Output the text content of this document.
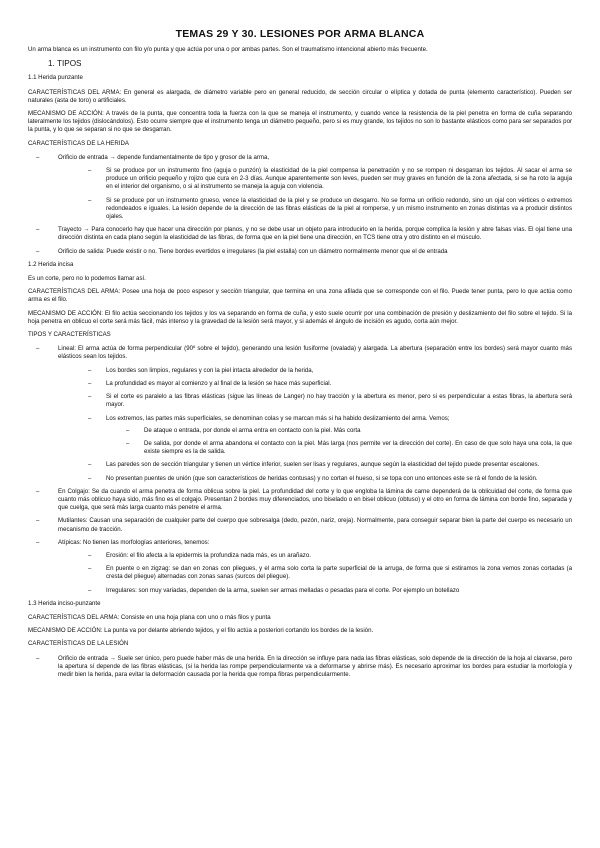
TEMAS 29 Y 30. LESIONES POR ARMA BLANCA

Un arma blanca es un instrumento con filo y/o punta y que actúa por una o por ambas partes. Son el traumatismo intencional abierto más frecuente.

1. TIPOS
1.1 Herida punzante

CARACTERÍSTICAS DEL ARMA: En general es alargada, de diámetro variable pero en general reducido, de sección circular o elíptica y dotada de punta (elemento característico). Pueden ser naturales (asta de toro) o artificiales.

MECANISMO DE ACCIÓN: A través de la punta, que concentra toda la fuerza con la que se maneja el instrumento, y cuando vence la resistencia de la piel penetra en forma de cuña separando lateralmente los tejidos (dislocándolos). Esto ocurre siempre que el instrumento tenga un diámetro pequeño, pero si es muy grande, los tejidos no son lo bastante elásticos como para ser separados por la punta, y lo que se separan si no que se desgarran.

CARACTERÍSTICAS DE LA HERIDA
– Orificio de entrada → depende fundamentalmente de tipo y grosor de la arma,
– Si se produce por un instrumento fino (aguja o punzón) la elasticidad de la piel compensa la penetración y no se rompen ni desgarran los tejidos. Al sacar el arma se produce un orificio pequeño y rojizo que cura en 2-3 días. Aunque aparentemente son leves, pueden ser muy graves en función de la zona afectada, si se ha roto la aguja en el interior del organismo, o si al instrumento se maneja la aguja con violencia.
– Si se produce por un instrumento grueso, vence la elasticidad de la piel y se produce un desgarro. No se forma un orificio redondo, sino un ojal con vértices o extremos redondeados e iguales. La lesión depende de la dirección de las fibras elásticas de la piel al romperse, y un mismo instrumento en zonas distintas va a producir distintos ojales.
– Trayecto → Para conocerlo hay que hacer una dirección por planos, y no se debe usar un objeto para introducirlo en la herida, porque complica la lesión y abre falsas vías. El ojal tiene una dirección distinta en cada plano según la elasticidad de las fibras, de forma que en la piel tiene una dirección, en TCS tiene otra y otro distinto en el músculo.
– Orificio de salida: Puede existir o no. Tiene bordes evertidos e irregulares (la piel estalla) con un diámetro normalmente menor que el de entrada
1.2 Herida incisa

Es un corte, pero no lo podemos llamar así.

CARACTERÍSTICAS DEL ARMA: Posee una hoja de poco espesor y sección triangular, que termina en una zona afilada que se corresponde con el filo. Puede tener punta, pero lo que actúa como arma es el filo.

MECANISMO DE ACCIÓN: El filo actúa seccionando los tejidos y los va separando en forma de cuña, y esto suele ocurrir por una combinación de presión y deslizamiento del filo sobre el tejido. Si la hoja penetra en oblicuo el corte será más fácil, más intenso y la gravedad de la lesión será mayor, y si además el ángulo de incisión es agudo, corta aún mejor.

TIPOS Y CARACTERÍSTICAS
– Lineal: El arma actúa de forma perpendicular (90º sobre el tejido), generando una lesión fusiforme (ovalada) y alargada. La abertura (separación entre los bordes) será mayor cuanto más elásticos sean los tejidos.
– Los bordes son limpios, regulares y con la piel intacta alrededor de la herida,
– La profundidad es mayor al comienzo y al final de la lesión se hace más superficial.
– Si el corte es paralelo a las fibras elásticas (sigue las líneas de Langer) no hay tracción y la abertura es menor, pero si es perpendicular a estas fibras, la abertura será mayor.
– Los extremos, las partes más superficiales, se denominan colas y se marcan más si ha habido deslizamiento del arma. Vemos;
– De ataque o entrada, por donde el arma entra en contacto con la piel. Más corta
– De salida, por donde el arma abandona el contacto con la piel. Más larga (nos permite ver la dirección del corte). En caso de que solo haya una cola, la que existe siempre es la de salida.
– Las paredes son de sección triangular y tienen un vértice inferior, suelen ser lisas y regulares, aunque según la elasticidad del tejido puede presentar escalones.
– No presentan puentes de unión (que son característicos de heridas contusas) y no cortan el hueso, si se topa con uno entonces este se rá el fondo de la lesión.
– En Colgajo: Se da cuando el arma penetra de forma oblicua sobre la piel. La profundidad del corte y lo que engloba la lámina de carne dependerá de la oblicuidad del corte, de forma que cuanto más oblicuo haya sido, más fino es el colgajo. Presentan 2 bordes muy diferenciados, uno biselado o en bisel oblicuo (obtuso) y el otro en forma de lámina con borde fino, separada y que cuelga, que será más larga cuanto más penetre el arma.
– Mutilantes: Causan una separación de cualquier parte del cuerpo que sobresalga (dedo, pezón, nariz, oreja). Normalmente, para conseguir separar bien la parte del cuerpo es necesario un mecanismo de tracción.
– Atípicas: No tienen las morfologías anteriores, tenemos:
– Erosión: el filo afecta a la epidermis la profundiza nada más, es un arañazo.
– En puente o en zigzag: se dan en zonas con pliegues, y el arma solo corta la parte superficial de la arruga, de forma que si estiramos la zona vemos zonas cortadas (a cresta del pliegue) alternadas con zonas sanas (surcos del pliegue).
– Irregulares: son muy variadas, dependen de la arma, suelen ser armas melladas o pesadas para el corte. Por ejemplo un botellazo
1.3 Herida inciso-punzante

CARACTERÍSTICAS DEL ARMA: Consiste en una hoja plana con uno o más filos y punta

MECANISMO DE ACCIÓN: La punta va por delante abriendo tejidos, y el filo actúa a posteriori cortando los bordes de la lesión.

CARACTERÍSTICAS DE LA LESIÓN
– Orificio de entrada → Suele ser único, pero puede haber más de una herida. En la dirección se influye para nada las fibras elásticas, solo depende de la dirección de la hoja al clavarse, pero la apertura sí depende de las fibras elásticas, (si la herida las rompe perpendicularmente va a deformarse y abrirse más). Es necesario aproximar los bordes para estudiar la morfología y medir bien la herida, para evitar la deformación causada por la herida que rompa fibras perpendicularmente.
